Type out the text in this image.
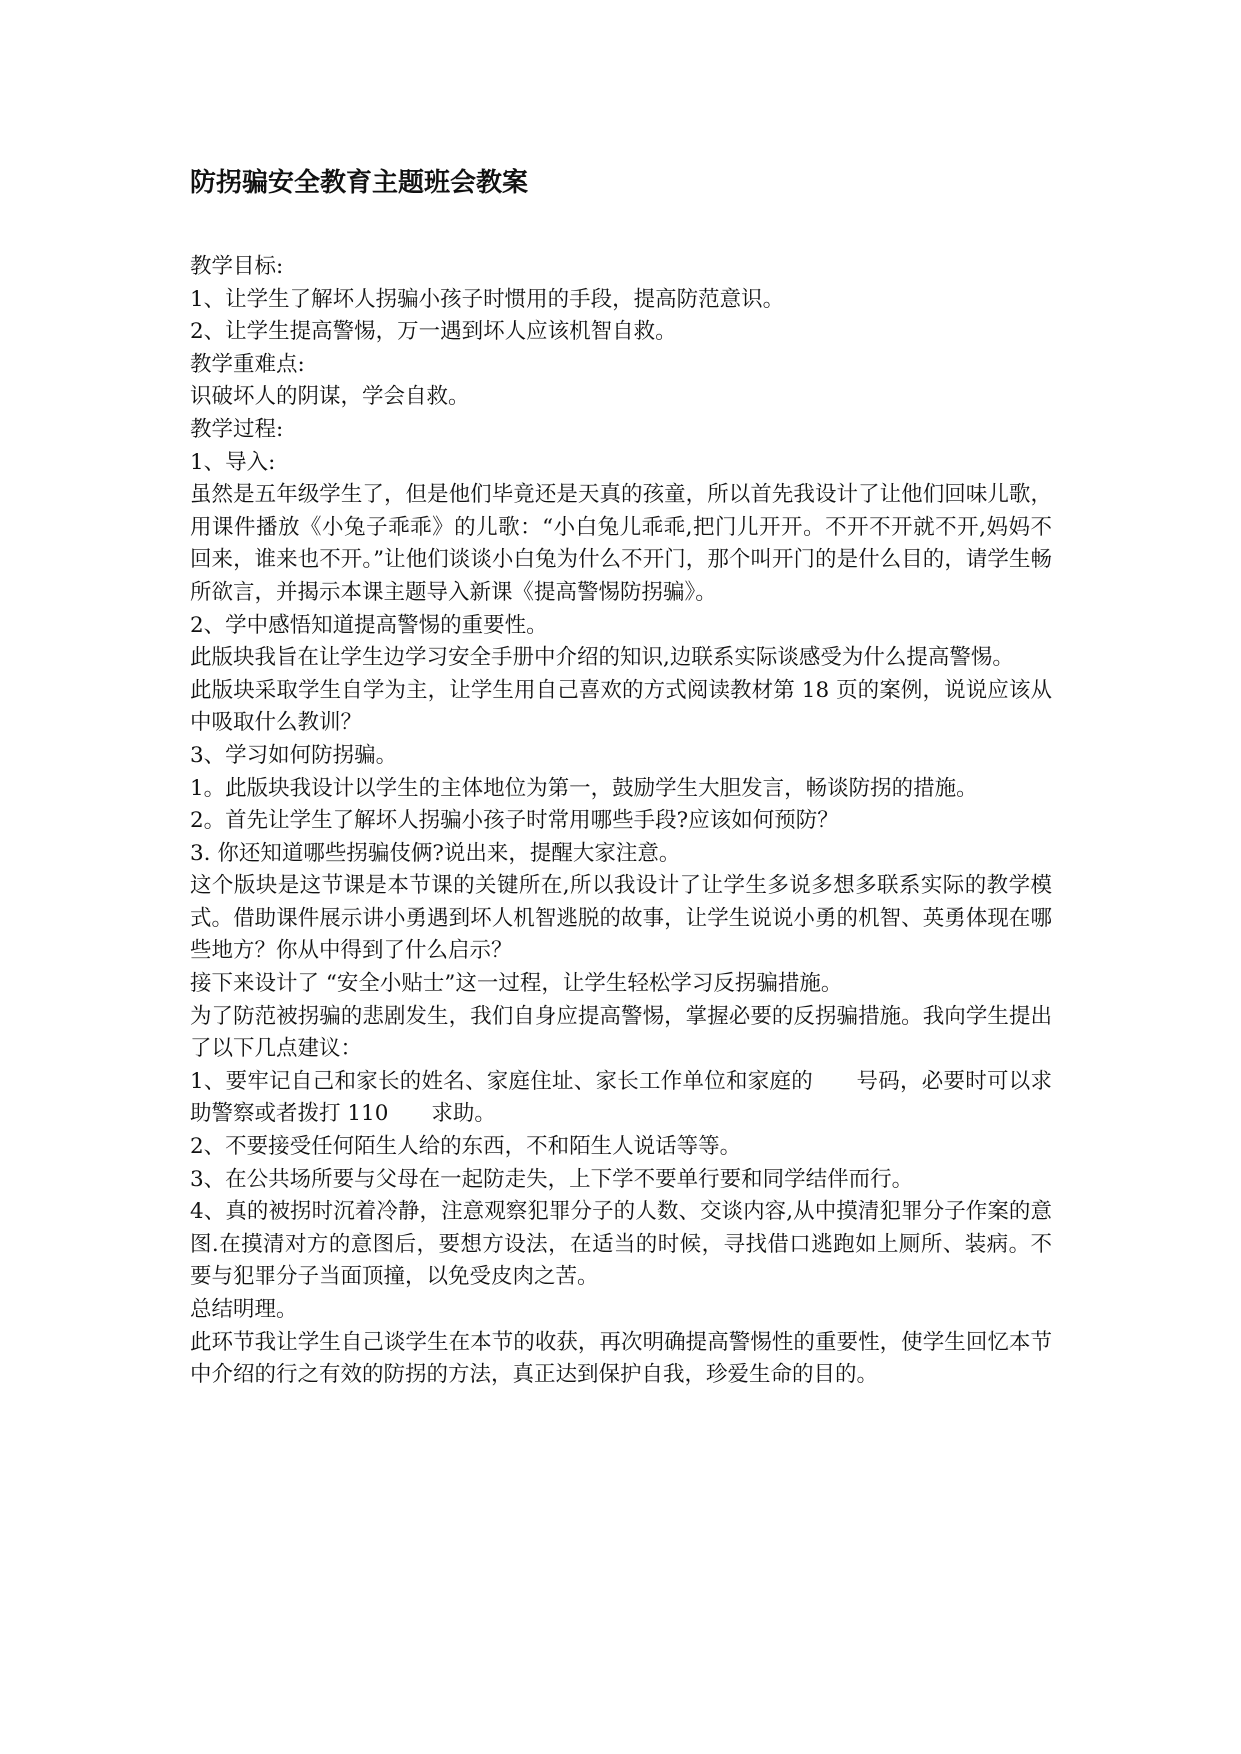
防拐骗安全教育主题班会教案

教学目标:

1、让学生了解坏人拐骗小孩子时惯用的手段，提高防范意识。

2、让学生提高警惕，万一遇到坏人应该机智自救。

教学重难点:

识破坏人的阴谋，学会自救。

教学过程:

1、导入:

虽然是五年级学生了，但是他们毕竟还是天真的孩童，所以首先我设计了让他们回味儿歌，用课件播放《小兔子乖乖》的儿歌：“小白兔儿乖乖,把门儿开开。不开不开就不开,妈妈不回来，谁来也不开。”让他们谈谈小白兔为什么不开门，那个叫开门的是什么目的，请学生畅所欲言，并揭示本课主题导入新课《提高警惕防拐骗》。

2、学中感悟知道提高警惕的重要性。

此版块我旨在让学生边学习安全手册中介绍的知识,边联系实际谈感受为什么提高警惕。

此版块采取学生自学为主，让学生用自己喜欢的方式阅读教材第 18 页的案例，说说应该从中吸取什么教训？

3、学习如何防拐骗。

1。此版块我设计以学生的主体地位为第一，鼓励学生大胆发言，畅谈防拐的措施。

2。首先让学生了解坏人拐骗小孩子时常用哪些手段?应该如何预防？

3. 你还知道哪些拐骗伎俩?说出来，提醒大家注意。

这个版块是这节课是本节课的关键所在,所以我设计了让学生多说多想多联系实际的教学模式。借助课件展示讲小勇遇到坏人机智逃脱的故事，让学生说说小勇的机智、英勇体现在哪些地方？你从中得到了什么启示？

接下来设计了 “安全小贴士”这一过程，让学生轻松学习反拐骗措施。

为了防范被拐骗的悲剧发生，我们自身应提高警惕，掌握必要的反拐骗措施。我向学生提出了以下几点建议：

1、要牢记自己和家长的姓名、家庭住址、家长工作单位和家庭的　　号码，必要时可以求助警察或者拨打 110　　求助。

2、不要接受任何陌生人给的东西，不和陌生人说话等等。

3、在公共场所要与父母在一起防走失，上下学不要单行要和同学结伴而行。

4、真的被拐时沉着冷静，注意观察犯罪分子的人数、交谈内容,从中摸清犯罪分子作案的意图.在摸清对方的意图后，要想方设法，在适当的时候，寻找借口逃跑如上厕所、装病。不要与犯罪分子当面顶撞，以免受皮肉之苦。

总结明理。

此环节我让学生自己谈学生在本节的收获，再次明确提高警惕性的重要性，使学生回忆本节中介绍的行之有效的防拐的方法，真正达到保护自我，珍爱生命的目的。
